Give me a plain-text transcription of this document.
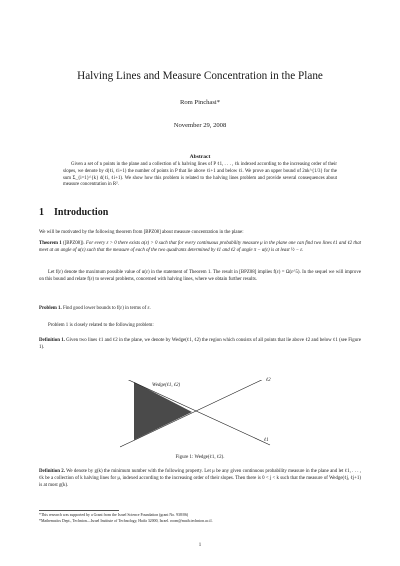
Halving Lines and Measure Concentration in the Plane
Rom Pinchasi*
November 29, 2008
Abstract
Given a set of n points in the plane and a collection of k halving lines of P ℓ1, . . . , ℓk indexed according to the increasing order of their slopes, we denote by d(ℓi, ℓi+1) the number of points in P that lie above ℓi+1 and below ℓi. We prove an upper bound of 2nk^{1/3} for the sum Σ_{i=1}^{k} d(ℓi, ℓi+1). We show how this problem is related to the halving lines problem and provide several consequences about measure concentration in R².
1 Introduction
We will be motivated by the following theorem from [BPZ08] about measure concentration in the plane:
Theorem 1 ([BPZ08]). For every ε > 0 there exists α(ε) > 0 such that for every continuous probability measure μ in the plane one can find two lines ℓ1 and ℓ2 that meet at an angle of α(ε) such that the measure of each of the two quadrants determined by ℓ1 and ℓ2 of angle π − α(ε) is at least ½ − ε.
Let f(ε) denote the maximum possible value of α(ε) in the statement of Theorem 1. The result in [BPZ08] implies f(ε) = Ω(ε^5). In the sequel we will improve on this bound and relate f(ε) to several problems, concerned with halving lines, where we obtain further results.
Problem 1. Find good lower bounds to f(ε) in terms of ε.
Problem 1 is closely related to the following problem:
Definition 1. Given two lines ℓ1 and ℓ2 in the plane, we denote by Wedge(ℓ1, ℓ2) the region which consists of all points that lie above ℓ2 and below ℓ1 (see Figure 1).
Wedge(ℓ1, ℓ2)
ℓ2
ℓ1
Figure 1: Wedge(ℓ1, ℓ2).
Definition 2. We denote by g(k) the minimum number with the following property. Let μ be any given continuous probability measure in the plane and let ℓ1, . . . , ℓk be a collection of k halving lines for μ, indexed according to the increasing order of their slopes. Then there is 0 < j < k such that the measure of Wedge(ℓj, ℓj+1) is at most g(k).
*This research was supported by a Grant from the Israel Science Foundation (grant No. 938/06)
*Mathematics Dept., Technion—Israel Institute of Technology, Haifa 32000, Israel. room@math.technion.ac.il.
1
